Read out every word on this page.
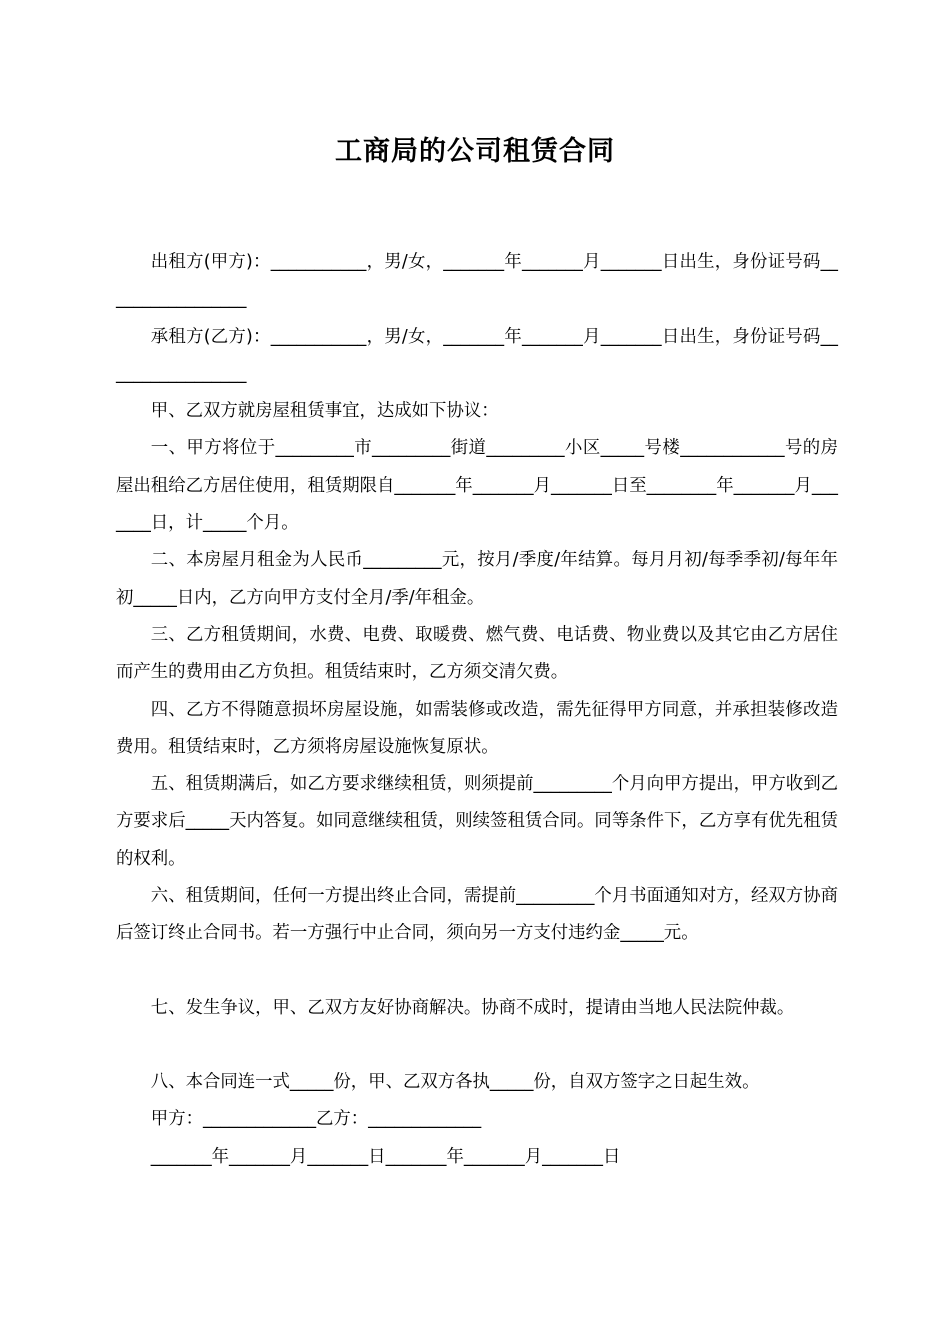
工商局的公司租赁合同

出租方(甲方)：___________，男/女，_______年_______月_______日出生，身份证号码_________________

承租方(乙方)：___________，男/女，_______年_______月_______日出生，身份证号码_________________

甲、乙双方就房屋租赁事宜，达成如下协议：

一、甲方将位于_________市_________街道_________小区_____号楼____________号的房屋出租给乙方居住使用，租赁期限自_______年_______月_______日至________年_______月_______日，计_____个月。

二、本房屋月租金为人民币_________元，按月/季度/年结算。每月月初/每季季初/每年年初_____日内，乙方向甲方支付全月/季/年租金。

三、乙方租赁期间，水费、电费、取暖费、燃气费、电话费、物业费以及其它由乙方居住而产生的费用由乙方负担。租赁结束时，乙方须交清欠费。

四、乙方不得随意损坏房屋设施，如需装修或改造，需先征得甲方同意，并承担装修改造费用。租赁结束时，乙方须将房屋设施恢复原状。

五、租赁期满后，如乙方要求继续租赁，则须提前_________个月向甲方提出，甲方收到乙方要求后_____天内答复。如同意继续租赁，则续签租赁合同。同等条件下，乙方享有优先租赁的权利。

六、租赁期间，任何一方提出终止合同，需提前_________个月书面通知对方，经双方协商后签订终止合同书。若一方强行中止合同，须向另一方支付违约金_____元。

七、发生争议，甲、乙双方友好协商解决。协商不成时，提请由当地人民法院仲裁。

八、本合同连一式_____份，甲、乙双方各执_____份，自双方签字之日起生效。

甲方：_____________乙方：_____________

_______年_______月_______日_______年_______月_______日
